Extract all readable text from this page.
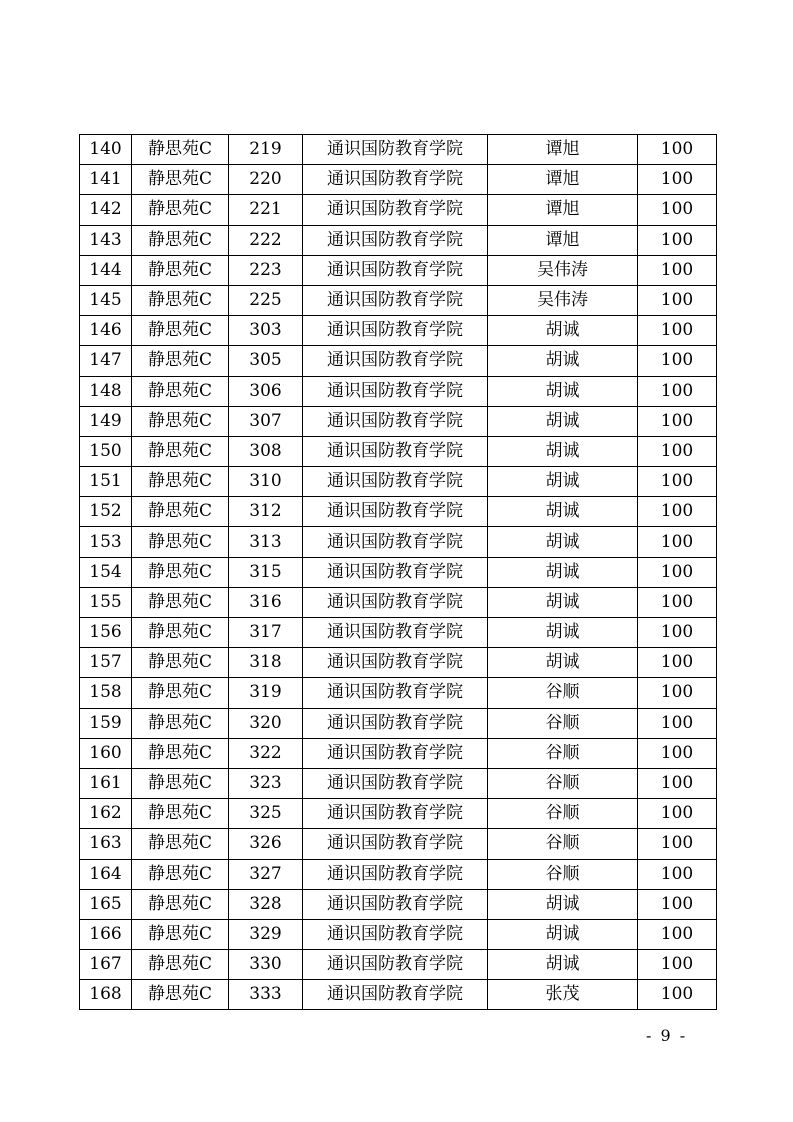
140	静思苑C	219	通识国防教育学院	谭旭	100
141	静思苑C	220	通识国防教育学院	谭旭	100
142	静思苑C	221	通识国防教育学院	谭旭	100
143	静思苑C	222	通识国防教育学院	谭旭	100
144	静思苑C	223	通识国防教育学院	吴伟涛	100
145	静思苑C	225	通识国防教育学院	吴伟涛	100
146	静思苑C	303	通识国防教育学院	胡诚	100
147	静思苑C	305	通识国防教育学院	胡诚	100
148	静思苑C	306	通识国防教育学院	胡诚	100
149	静思苑C	307	通识国防教育学院	胡诚	100
150	静思苑C	308	通识国防教育学院	胡诚	100
151	静思苑C	310	通识国防教育学院	胡诚	100
152	静思苑C	312	通识国防教育学院	胡诚	100
153	静思苑C	313	通识国防教育学院	胡诚	100
154	静思苑C	315	通识国防教育学院	胡诚	100
155	静思苑C	316	通识国防教育学院	胡诚	100
156	静思苑C	317	通识国防教育学院	胡诚	100
157	静思苑C	318	通识国防教育学院	胡诚	100
158	静思苑C	319	通识国防教育学院	谷顺	100
159	静思苑C	320	通识国防教育学院	谷顺	100
160	静思苑C	322	通识国防教育学院	谷顺	100
161	静思苑C	323	通识国防教育学院	谷顺	100
162	静思苑C	325	通识国防教育学院	谷顺	100
163	静思苑C	326	通识国防教育学院	谷顺	100
164	静思苑C	327	通识国防教育学院	谷顺	100
165	静思苑C	328	通识国防教育学院	胡诚	100
166	静思苑C	329	通识国防教育学院	胡诚	100
167	静思苑C	330	通识国防教育学院	胡诚	100
168	静思苑C	333	通识国防教育学院	张茂	100
- 9 -
